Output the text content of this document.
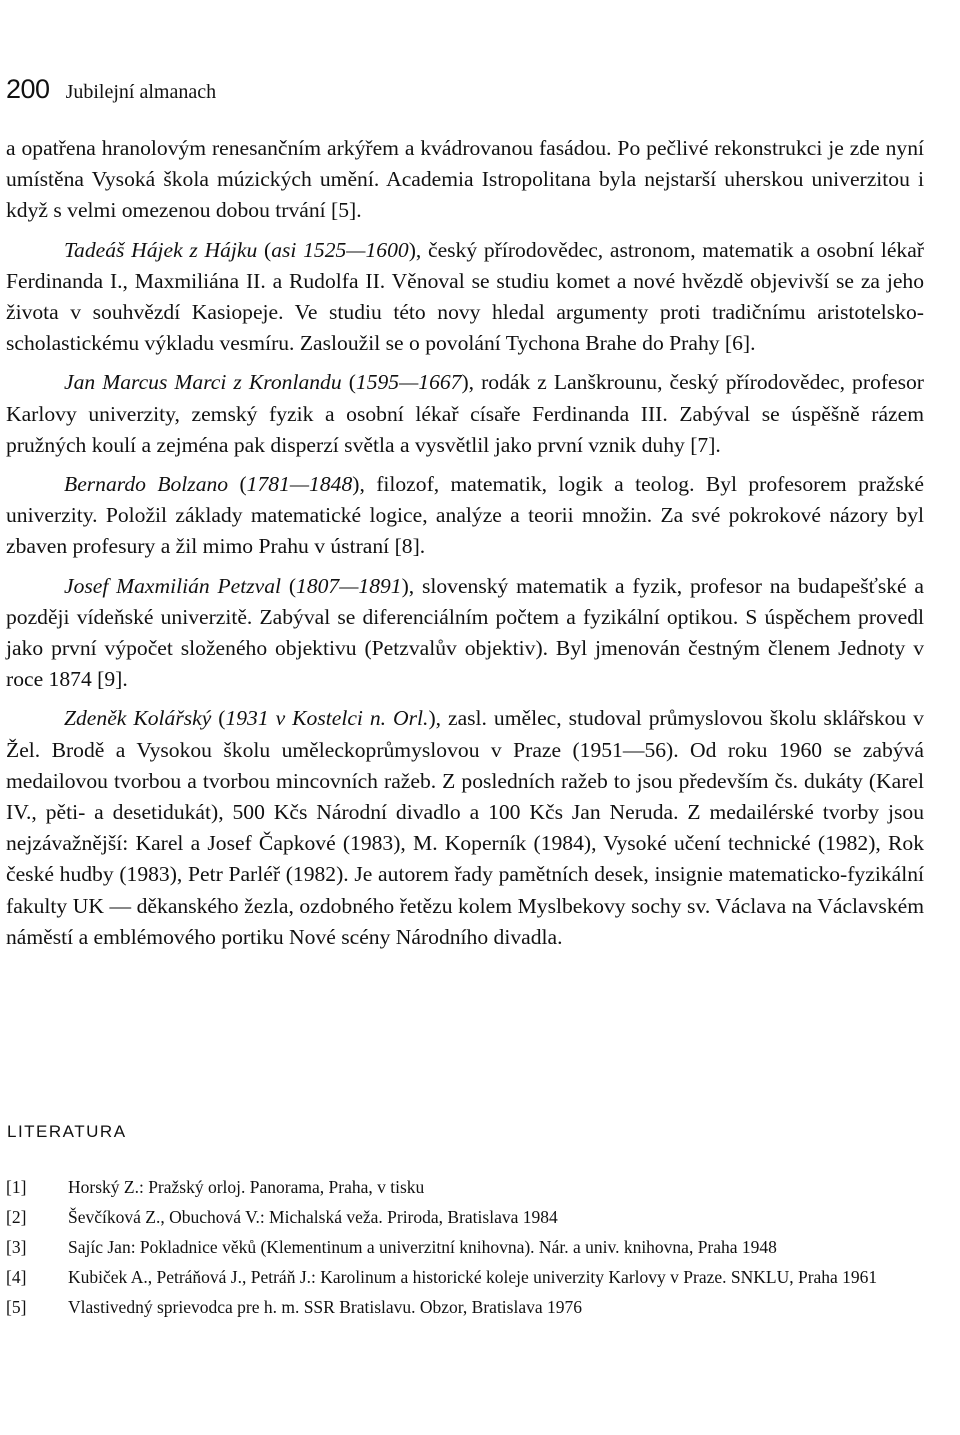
200 Jubilejní almanach

a opatřena hranolovým renesančním arkýřem a kvádrovanou fasádou. Po pečlivé rekonstrukci je zde nyní umístěna Vysoká škola múzických umění. Academia Istropolitana byla nejstarší uherskou univerzitou i když s velmi omezenou dobou trvání [5].

Tadeáš Hájek z Hájku (asi 1525—1600), český přírodovědec, astronom, matematik a osobní lékař Ferdinanda I., Maxmiliána II. a Rudolfa II. Věnoval se studiu komet a nové hvězdě objevivší se za jeho života v souhvězdí Kasiopeje. Ve studiu této novy hledal argumenty proti tradičnímu aristotelsko-scholastickému výkladu vesmíru. Zasloužil se o povolání Tychona Brahe do Prahy [6].

Jan Marcus Marci z Kronlandu (1595—1667), rodák z Lanškrounu, český přírodovědec, profesor Karlovy univerzity, zemský fyzik a osobní lékař císaře Ferdinanda III. Zabýval se úspěšně rázem pružných koulí a zejména pak disperzí světla a vysvětlil jako první vznik duhy [7].

Bernardo Bolzano (1781—1848), filozof, matematik, logik a teolog. Byl profesorem pražské univerzity. Položil základy matematické logice, analýze a teorii množin. Za své pokrokové názory byl zbaven profesury a žil mimo Prahu v ústraní [8].

Josef Maxmilián Petzval (1807—1891), slovenský matematik a fyzik, profesor na budapešťské a později vídeňské univerzitě. Zabýval se diferenciálním počtem a fyzikální optikou. S úspěchem provedl jako první výpočet složeného objektivu (Petzvalův objektiv). Byl jmenován čestným členem Jednoty v roce 1874 [9].

Zdeněk Kolářský (1931 v Kostelci n. Orl.), zasl. umělec, studoval průmyslovou školu sklářskou v Žel. Brodě a Vysokou školu uměleckoprůmyslovou v Praze (1951—56). Od roku 1960 se zabývá medailovou tvorbou a tvorbou mincovních ražeb. Z posledních ražeb to jsou především čs. dukáty (Karel IV., pěti- a desetidukát), 500 Kčs Národní divadlo a 100 Kčs Jan Neruda. Z medailérské tvorby jsou nejzávažnější: Karel a Josef Čapkové (1983), M. Koperník (1984), Vysoké učení technické (1982), Rok české hudby (1983), Petr Parléř (1982). Je autorem řady pamětních desek, insignie matematicko-fyzikální fakulty UK — děkanského žezla, ozdobného řetězu kolem Myslbekovy sochy sv. Václava na Václavském náměstí a emblémového portiku Nové scény Národního divadla.

LITERATURA
[1]	Horský Z.: Pražský orloj. Panorama, Praha, v tisku
[2]	Ševčíková Z., Obuchová V.: Michalská veža. Priroda, Bratislava 1984
[3]	Sajíc Jan: Pokladnice věků (Klementinum a univerzitní knihovna). Nár. a univ. knihovna, Praha 1948
[4]	Kubiček A., Petráňová J., Petráň J.: Karolinum a historické koleje univerzity Karlovy v Praze. SNKLU, Praha 1961
[5]	Vlastivedný sprievodca pre h. m. SSR Bratislavu. Obzor, Bratislava 1976
